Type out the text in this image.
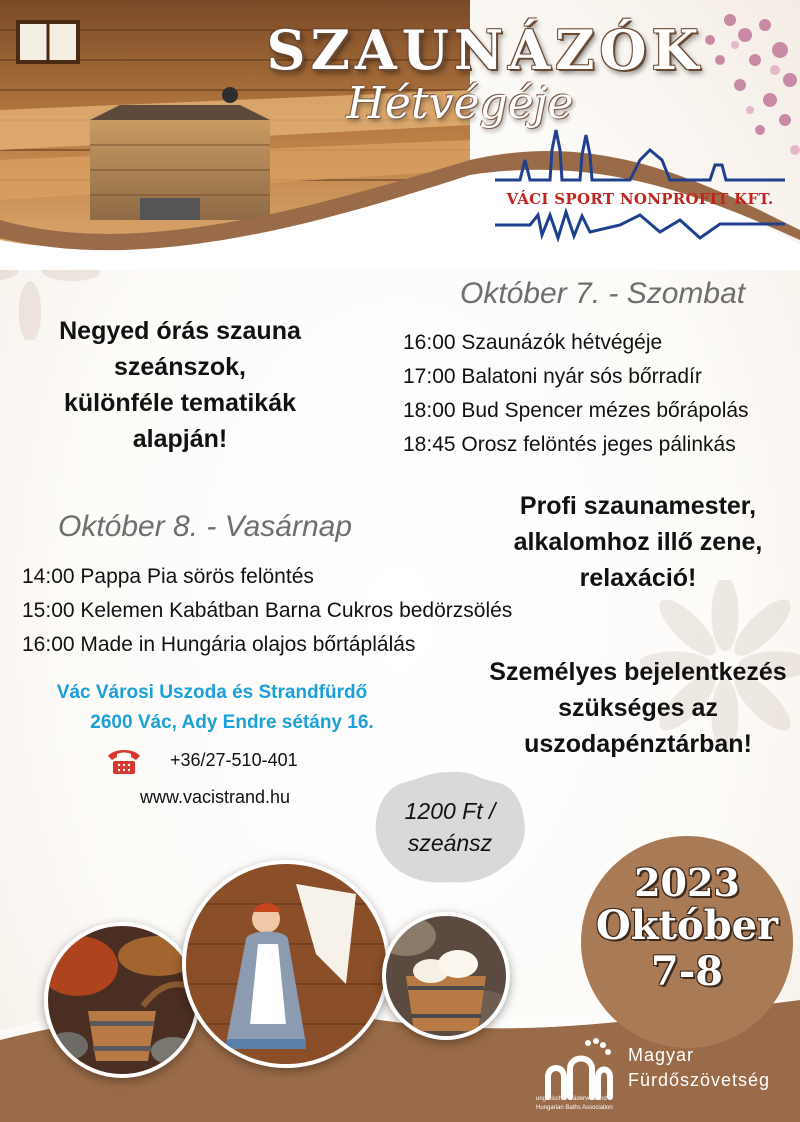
SZAUNÁZÓK
Hétvégéje
VÁCI SPORT NONPROFIT KFT.
Negyed órás szauna
szeánszok,
különféle tematikák
alapján!
Október 7. - Szombat
16:00 Szaunázók hétvégéje
17:00 Balatoni nyár sós bőrradír
18:00 Bud Spencer mézes bőrápolás
18:45 Orosz felöntés jeges pálinkás
Profi szaunamester,
alkalomhoz illő zene,
relaxáció!
Október 8. - Vasárnap
14:00 Pappa Pia sörös felöntés
15:00 Kelemen Kabátban Barna Cukros bedörzsölés
16:00 Made in Hungária olajos bőrtáplálás
Személyes bejelentkezés
szükséges az
uszodapénztárban!
Vác Városi Uszoda és Strandfürdő
2600 Vác, Ady Endre sétány 16.
+36/27-510-401
www.vacistrand.hu
1200 Ft /
szeánsz
2023
Október
7-8
Magyar
Fürdőszövetség
ungarischer Bäderverband
Hungarian Baths Association
